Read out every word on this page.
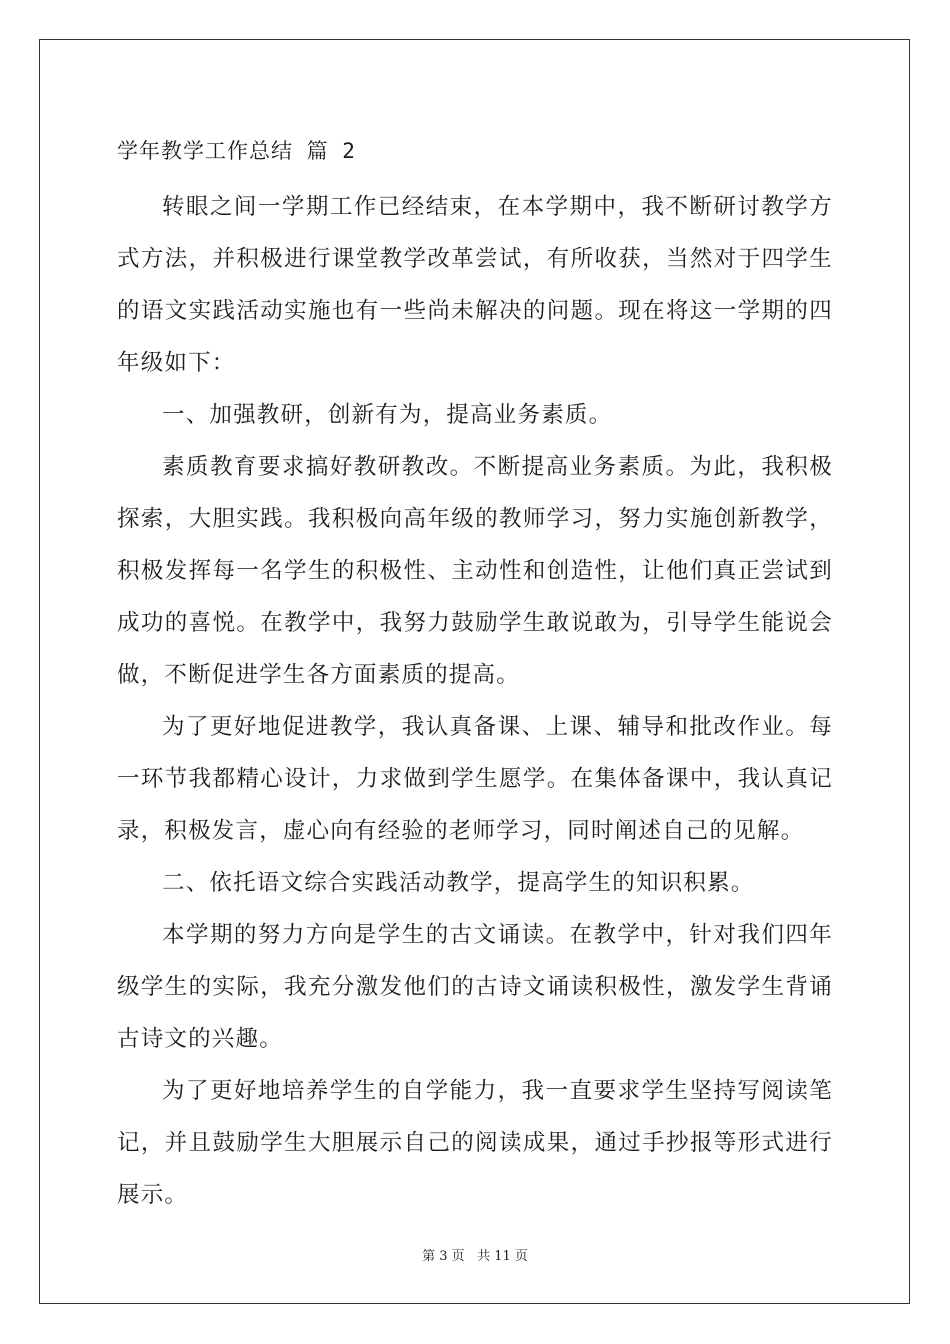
学年教学工作总结 篇 2

转眼之间一学期工作已经结束，在本学期中，我不断研讨教学方式方法，并积极进行课堂教学改革尝试，有所收获，当然对于四学生的语文实践活动实施也有一些尚未解决的问题。现在将这一学期的四年级如下：

一、加强教研，创新有为，提高业务素质。

素质教育要求搞好教研教改。不断提高业务素质。为此，我积极探索，大胆实践。我积极向高年级的教师学习，努力实施创新教学，积极发挥每一名学生的积极性、主动性和创造性，让他们真正尝试到成功的喜悦。在教学中，我努力鼓励学生敢说敢为，引导学生能说会做，不断促进学生各方面素质的提高。

为了更好地促进教学，我认真备课、上课、辅导和批改作业。每一环节我都精心设计，力求做到学生愿学。在集体备课中，我认真记录，积极发言，虚心向有经验的老师学习，同时阐述自己的见解。

二、依托语文综合实践活动教学，提高学生的知识积累。

本学期的努力方向是学生的古文诵读。在教学中，针对我们四年级学生的实际，我充分激发他们的古诗文诵读积极性，激发学生背诵古诗文的兴趣。

为了更好地培养学生的自学能力，我一直要求学生坚持写阅读笔记，并且鼓励学生大胆展示自己的阅读成果，通过手抄报等形式进行展示。

第 3 页 共 11 页
